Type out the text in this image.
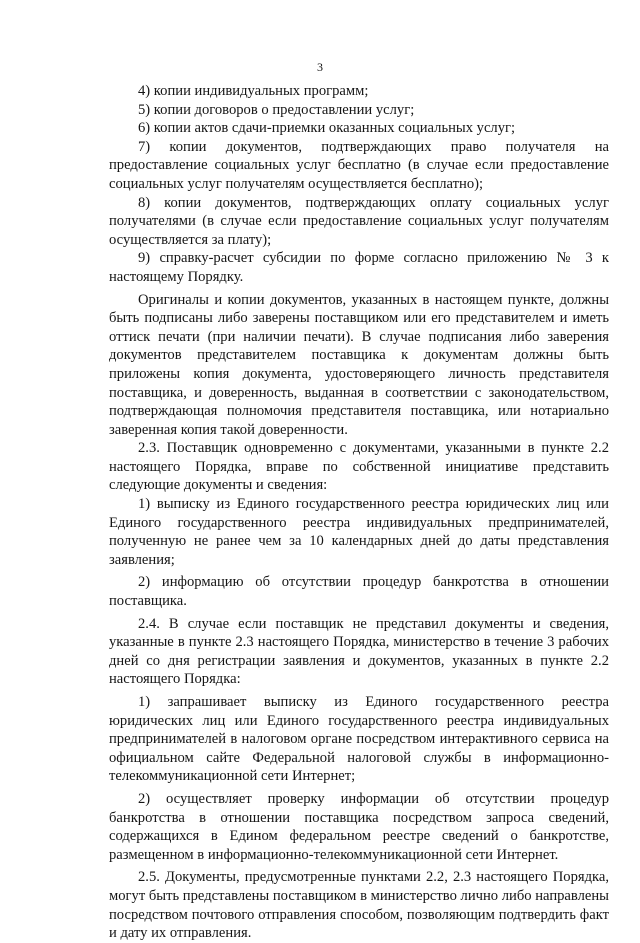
3

4) копии индивидуальных программ;

5) копии договоров о предоставлении услуг;

6) копии актов сдачи-приемки оказанных социальных услуг;

7) копии документов, подтверждающих право получателя на предоставление социальных услуг бесплатно (в случае если предоставление социальных услуг получателям осуществляется бесплатно);

8) копии документов, подтверждающих оплату социальных услуг получателями (в случае если предоставление социальных услуг получателям осуществляется за плату);

9) справку-расчет субсидии по форме согласно приложению № 3 к настоящему Порядку.

Оригиналы и копии документов, указанных в настоящем пункте, должны быть подписаны либо заверены поставщиком или его представителем и иметь оттиск печати (при наличии печати). В случае подписания либо заверения документов представителем поставщика к документам должны быть приложены копия документа, удостоверяющего личность представителя поставщика, и доверенность, выданная в соответствии с законодательством, подтверждающая полномочия представителя поставщика, или нотариально заверенная копия такой доверенности.

2.3. Поставщик одновременно с документами, указанными в пункте 2.2 настоящего Порядка, вправе по собственной инициативе представить следующие документы и сведения:

1) выписку из Единого государственного реестра юридических лиц или Единого государственного реестра индивидуальных предпринимателей, полученную не ранее чем за 10 календарных дней до даты представления заявления;

2) информацию об отсутствии процедур банкротства в отношении поставщика.

2.4. В случае если поставщик не представил документы и сведения, указанные в пункте 2.3 настоящего Порядка, министерство в течение 3 рабочих дней со дня регистрации заявления и документов, указанных в пункте 2.2 настоящего Порядка:

1) запрашивает выписку из Единого государственного реестра юридических лиц или Единого государственного реестра индивидуальных предпринимателей в налоговом органе посредством интерактивного сервиса на официальном сайте Федеральной налоговой службы в информационно-телекоммуникационной сети Интернет;

2) осуществляет проверку информации об отсутствии процедур банкротства в отношении поставщика посредством запроса сведений, содержащихся в Едином федеральном реестре сведений о банкротстве, размещенном в информационно-телекоммуникационной сети Интернет.

2.5. Документы, предусмотренные пунктами 2.2, 2.3 настоящего Порядка, могут быть представлены поставщиком в министерство лично либо направлены посредством почтового отправления способом, позволяющим подтвердить факт и дату их отправления.
